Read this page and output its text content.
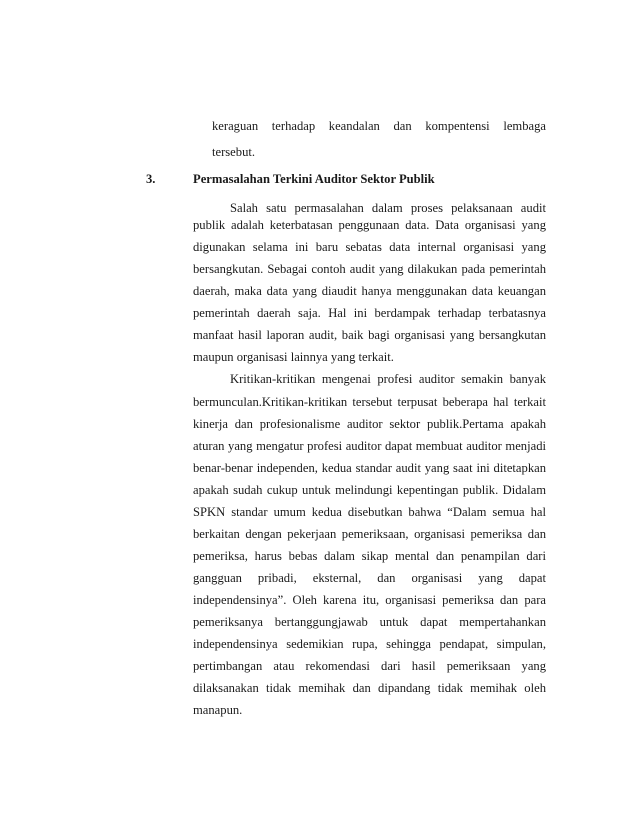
keraguan terhadap keandalan dan kompentensi lembaga
tersebut.
3.	Permasalahan Terkini Auditor Sektor Publik
Salah satu permasalahan dalam proses pelaksanaan audit
publik adalah keterbatasan penggunaan data. Data organisasi yang
digunakan selama ini baru sebatas data internal organisasi yang
bersangkutan. Sebagai contoh audit yang dilakukan pada pemerintah
daerah, maka data yang diaudit hanya menggunakan data keuangan
pemerintah daerah saja. Hal ini berdampak terhadap terbatasnya
manfaat hasil laporan audit, baik bagi organisasi yang bersangkutan
maupun organisasi lainnya yang terkait.
Kritikan-kritikan mengenai profesi auditor semakin banyak
bermunculan.Kritikan-kritikan tersebut terpusat beberapa hal terkait
kinerja dan profesionalisme auditor sektor publik.Pertama apakah
aturan yang mengatur profesi auditor dapat membuat auditor menjadi
benar-benar independen, kedua standar audit yang saat ini ditetapkan
apakah sudah cukup untuk melindungi kepentingan publik. Didalam
SPKN standar umum kedua disebutkan bahwa “Dalam semua hal
berkaitan dengan pekerjaan pemeriksaan, organisasi pemeriksa dan
pemeriksa, harus bebas dalam sikap mental dan penampilan dari
gangguan pribadi, eksternal, dan organisasi yang dapat
independensinya”. Oleh karena itu, organisasi pemeriksa dan para
pemeriksanya bertanggungjawab untuk dapat mempertahankan
independensinya sedemikian rupa, sehingga pendapat, simpulan,
pertimbangan atau rekomendasi dari hasil pemeriksaan yang
dilaksanakan tidak memihak dan dipandang tidak memihak oleh
manapun.
